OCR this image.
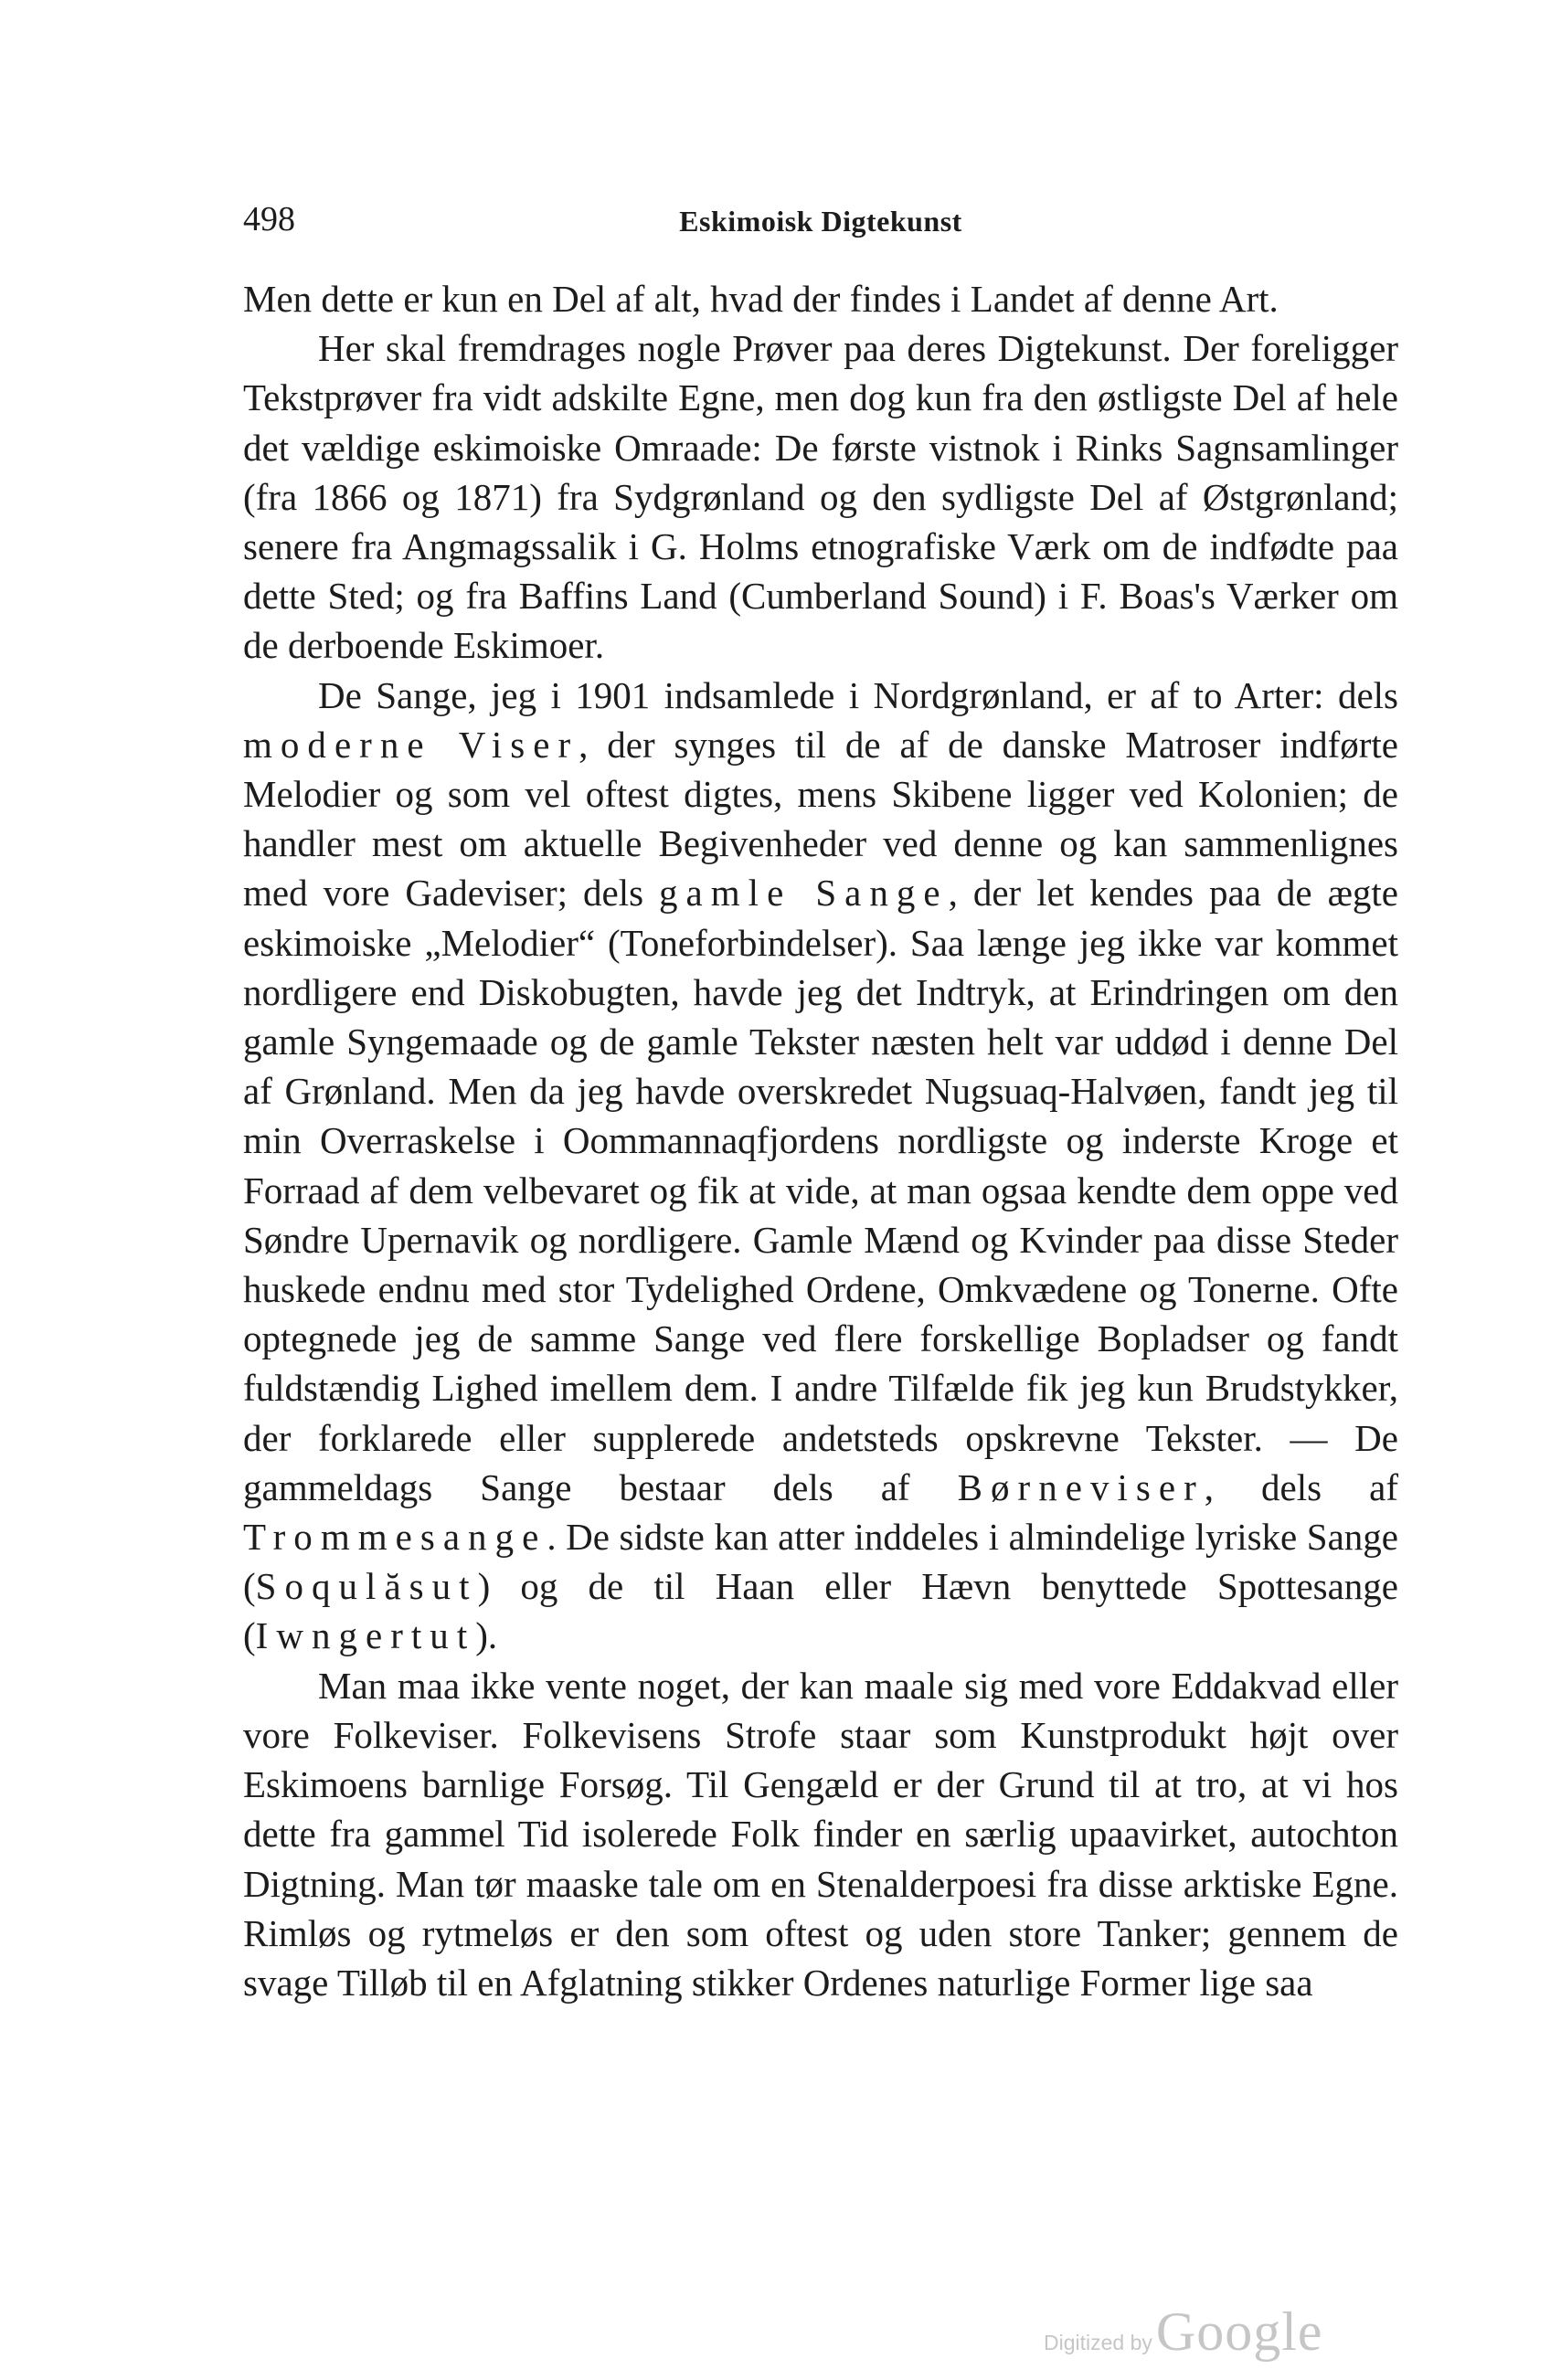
498	Eskimoisk Digtekunst

Men dette er kun en Del af alt, hvad der findes i Landet af denne Art.

Her skal fremdrages nogle Prøver paa deres Digtekunst. Der foreligger Tekstprøver fra vidt adskilte Egne, men dog kun fra den østligste Del af hele det vældige eskimoiske Omraade: De første vistnok i Rinks Sagnsamlinger (fra 1866 og 1871) fra Sydgrønland og den sydligste Del af Østgrønland; senere fra Angmagssalik i G. Holms etnografiske Værk om de indfødte paa dette Sted; og fra Baffins Land (Cumberland Sound) i F. Boas's Værker om de derboende Eskimoer.

De Sange, jeg i 1901 indsamlede i Nordgrønland, er af to Arter: dels moderne Viser, der synges til de af de danske Matroser indførte Melodier og som vel oftest digtes, mens Skibene ligger ved Kolonien; de handler mest om aktuelle Begivenheder ved denne og kan sammenlignes med vore Gadeviser; dels gamle Sange, der let kendes paa de ægte eskimoiske „Melodier“ (Toneforbindelser). Saa længe jeg ikke var kommet nordligere end Diskobugten, havde jeg det Indtryk, at Erindringen om den gamle Syngemaade og de gamle Tekster næsten helt var uddød i denne Del af Grønland. Men da jeg havde overskredet Nugsuaq-Halvøen, fandt jeg til min Overraskelse i Oommannaqfjordens nordligste og inderste Kroge et Forraad af dem velbevaret og fik at vide, at man ogsaa kendte dem oppe ved Søndre Upernavik og nordligere. Gamle Mænd og Kvinder paa disse Steder huskede endnu med stor Tydelighed Ordene, Omkvædene og Tonerne. Ofte optegnede jeg de samme Sange ved flere forskellige Bopladser og fandt fuldstændig Lighed imellem dem. I andre Tilfælde fik jeg kun Brudstykker, der forklarede eller supplerede andetsteds opskrevne Tekster. — De gammeldags Sange bestaar dels af Børneviser, dels af Trommesange. De sidste kan atter inddeles i almindelige lyriske Sange (Soqulăsut) og de til Haan eller Hævn benyttede Spottesange (Iwngertut).

Man maa ikke vente noget, der kan maale sig med vore Eddakvad eller vore Folkeviser. Folkevisens Strofe staar som Kunstprodukt højt over Eskimoens barnlige Forsøg. Til Gengæld er der Grund til at tro, at vi hos dette fra gammel Tid isolerede Folk finder en særlig upaavirket, autochton Digtning. Man tør maaske tale om en Stenalderpoesi fra disse arktiske Egne. Rimløs og rytmeløs er den som oftest og uden store Tanker; gennem de svage Tilløb til en Afglatning stikker Ordenes naturlige Former lige saa

Digitized by Google
